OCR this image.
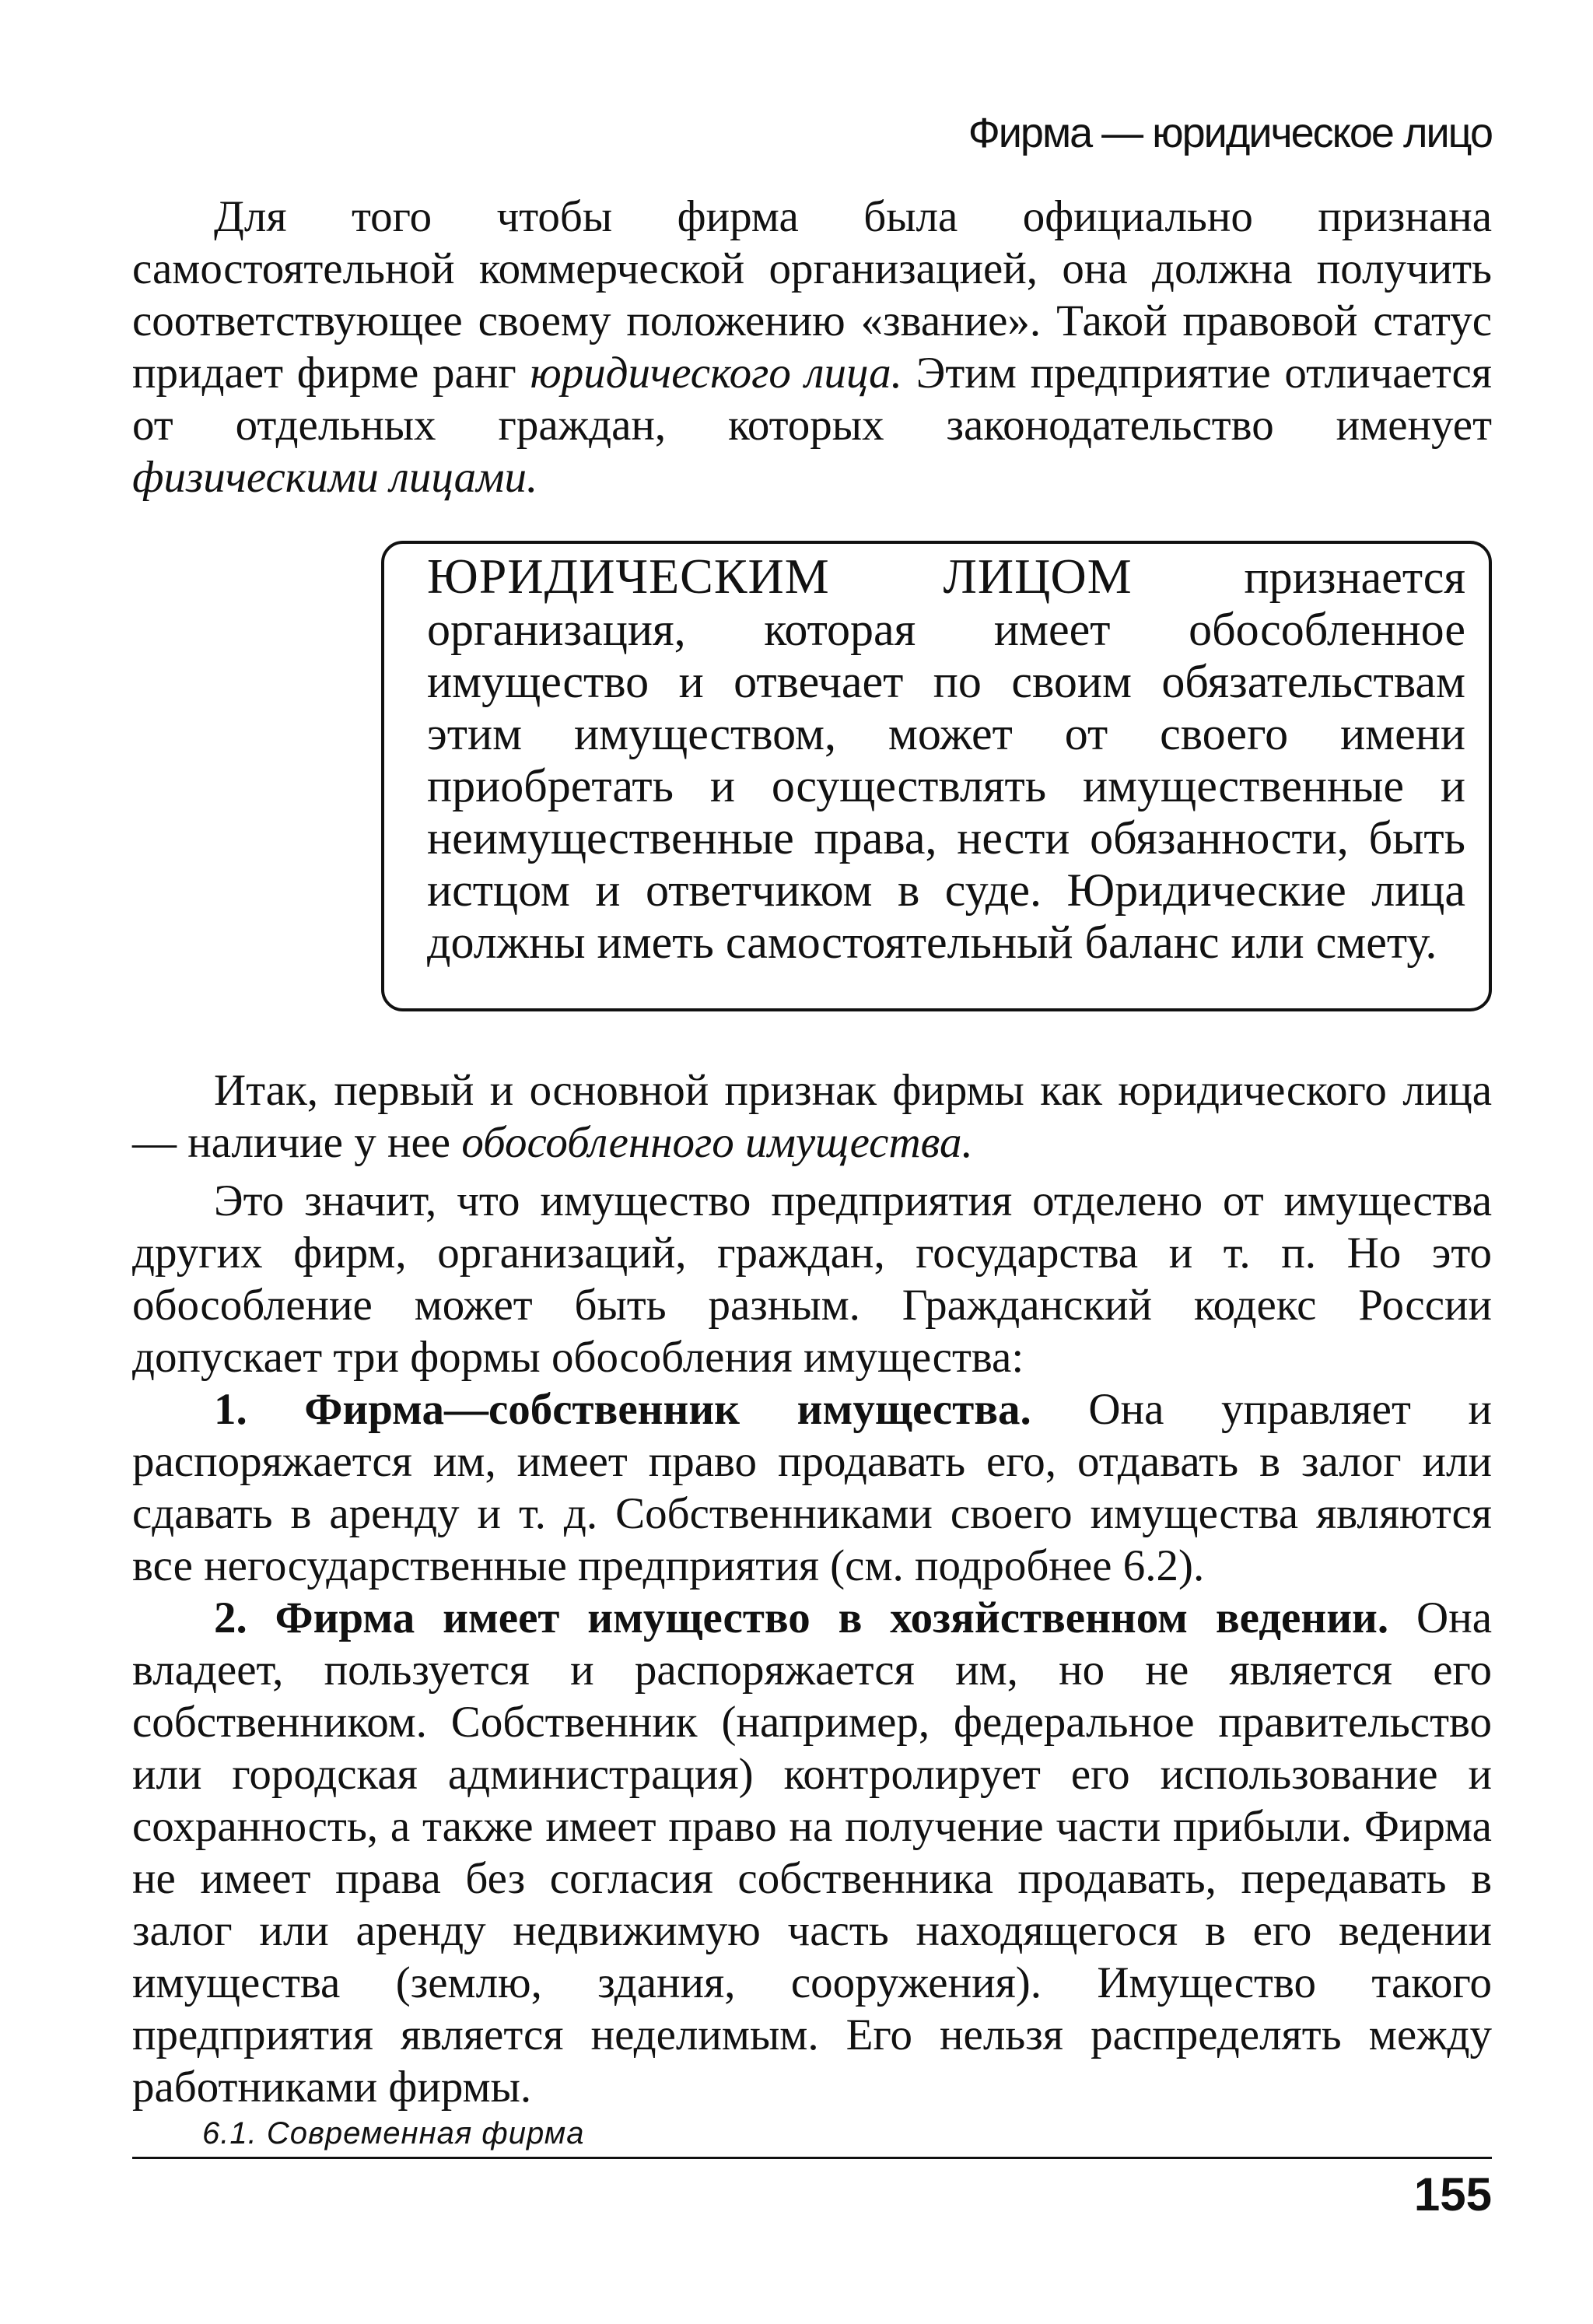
Фирма — юридическое лицо

Для того чтобы фирма была официально признана самостоятельной коммерческой организацией, она должна получить соответствующее своему положению «звание». Такой правовой статус придает фирме ранг юридического лица. Этим предприятие отличается от отдельных граждан, которых законодательство именует физическими лицами.

ЮРИДИЧЕСКИМ ЛИЦОМ признается организация, которая имеет обособленное имущество и отвечает по своим обязательствам этим имуществом, может от своего имени приобретать и осуществлять имущественные и неимущественные права, нести обязанности, быть истцом и ответчиком в суде. Юридические лица должны иметь самостоятельный баланс или смету.

Итак, первый и основной признак фирмы как юридического лица — наличие у нее обособленного имущества.

Это значит, что имущество предприятия отделено от имущества других фирм, организаций, граждан, государства и т. п. Но это обособление может быть разным. Гражданский кодекс России допускает три формы обособления имущества:

1. Фирма—собственник имущества. Она управляет и распоряжается им, имеет право продавать его, отдавать в залог или сдавать в аренду и т. д. Собственниками своего имущества являются все негосударственные предприятия (см. подробнее 6.2).

2. Фирма имеет имущество в хозяйственном ведении. Она владеет, пользуется и распоряжается им, но не является его собственником. Собственник (например, федеральное правительство или городская администрация) контролирует его использование и сохранность, а также имеет право на получение части прибыли. Фирма не имеет права без согласия собственника продавать, передавать в залог или аренду недвижимую часть находящегося в его ведении имущества (землю, здания, сооружения). Имущество такого предприятия является неделимым. Его нельзя распределять между работниками фирмы.

6.1. Современная фирма
155
